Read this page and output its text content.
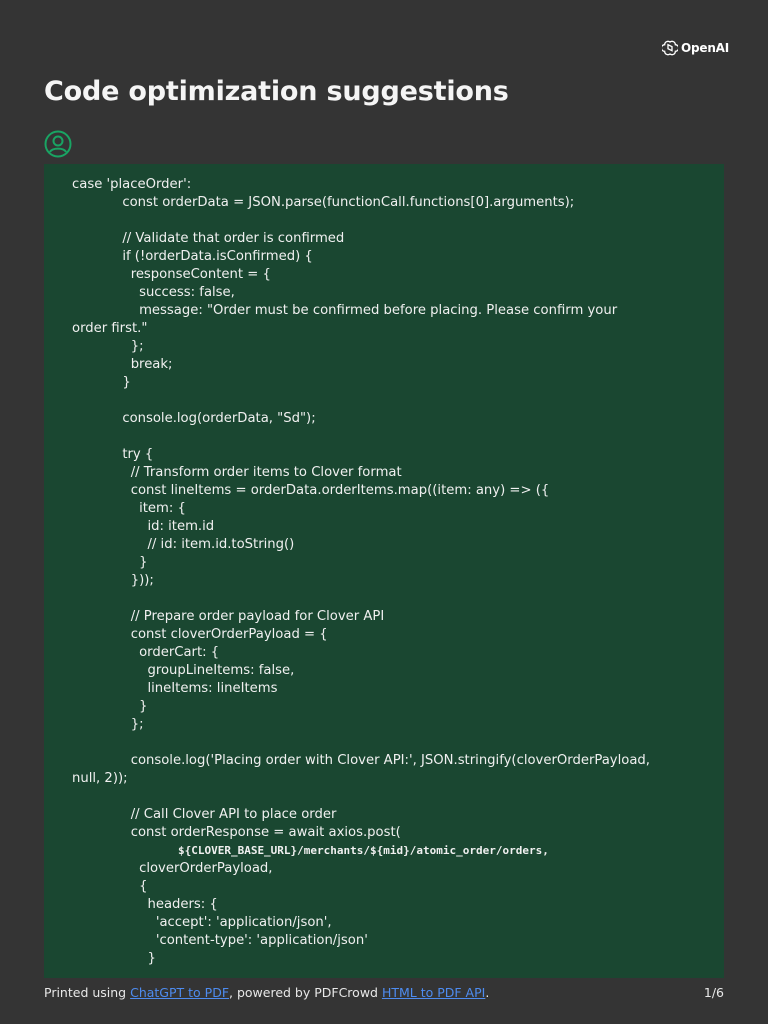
OpenAI
Code optimization suggestions
case 'placeOrder':
const orderData = JSON.parse(functionCall.functions[0].arguments);
// Validate that order is confirmed
if (!orderData.isConfirmed) {
responseContent = {
success: false,
message: "Order must be confirmed before placing. Please confirm your
order first."
};
break;
}
console.log(orderData, "Sd");
try {
// Transform order items to Clover format
const lineItems = orderData.orderItems.map((item: any) => ({
item: {
id: item.id
// id: item.id.toString()
}
}));
// Prepare order payload for Clover API
const cloverOrderPayload = {
orderCart: {
groupLineItems: false,
lineItems: lineItems
}
};
console.log('Placing order with Clover API:', JSON.stringify(cloverOrderPayload,
null, 2));
// Call Clover API to place order
const orderResponse = await axios.post(
${CLOVER_BASE_URL}/merchants/${mid}/atomic_order/orders,
cloverOrderPayload,
{
headers: {
'accept': 'application/json',
'content-type': 'application/json'
}
Printed using ChatGPT to PDF, powered by PDFCrowd HTML to PDF API.	1/6
